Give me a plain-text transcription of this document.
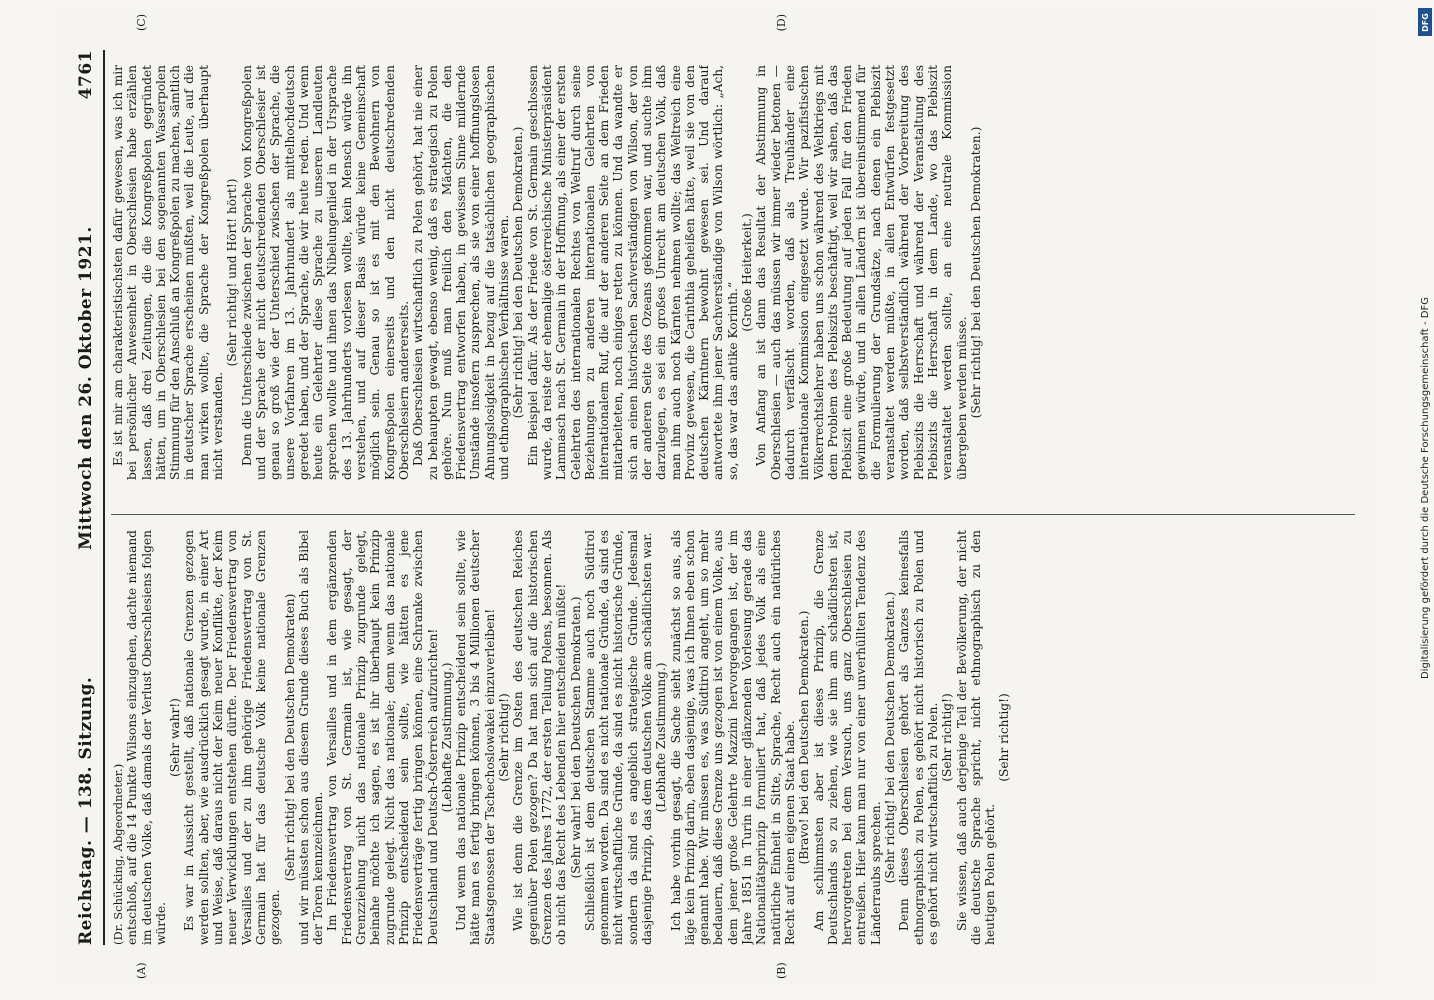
Reichstag. — 138. Sitzung.
Mittwoch den 26. Oktober 1921.
4761
(A)	(B)
(C)	(D)

(Dr. Schücking, Abgeordneter.) entschloß, auf die 14 Punkte Wilsons einzugehen, dachte niemand im deutschen Volke, daß damals der Verlust Oberschlesiens folgen würde.

(Sehr wahr!) Es war in Aussicht gestellt, daß nationale Grenzen gezogen werden sollten, aber, wie ausdrücklich gesagt wurde, in einer Art und Weise, daß daraus nicht der Keim neuer Konflikte, der Keim neuer Verwicklungen entstehen dürfte. Der Friedensvertrag von Versailles und der zu ihm gehörige Friedensvertrag von St. Germain hat für das deutsche Volk keine nationale Grenzen gezogen.

(Sehr richtig! bei den Deutschen Demokraten) und wir müssten schon aus diesem Grunde dieses Buch als Bibel der Toren kennzeichnen. Im Friedensvertrag von Versailles und in dem ergänzenden Friedensvertrag von St. Germain ist, wie gesagt, der Grenzziehung nicht das nationale Prinzip zugrunde gelegt, beinahe möchte ich sagen, es ist ihr überhaupt kein Prinzip zugrunde gelegt. Nicht das nationale; denn wenn das nationale Prinzip entscheidend sein sollte, wie hätten es jene Friedensverträge fertig bringen können, eine Schranke zwischen Deutschland und Deutsch-Österreich aufzurichten! (Lebhafte Zustimmung.) Und wenn das nationale Prinzip entscheidend sein sollte, wie hätte man es fertig bringen können, 3 bis 4 Millionen deutscher Staatsgenossen der Tschechoslowakei einzuverleiben! (Sehr richtig!) Wie ist denn die Grenze im Osten des deutschen Reiches gegenüber Polen gezogen? Da hat man sich auf die historischen Grenzen des Jahres 1772, der ersten Teilung Polens, besonnen. Als ob nicht das Recht des Lebenden hier entscheiden müßte! (Sehr wahr! bei den Deutschen Demokraten.) Schließlich ist dem deutschen Stamme auch noch Südtirol genommen worden. Da sind es nicht nationale Gründe, da sind es nicht wirtschaftliche Gründe, da sind es nicht historische Gründe, sondern da sind es angeblich strategische Gründe. Jedesmal dasjenige Prinzip, das dem deutschen Volke am schädlichsten war. (Lebhafte Zustimmung.) Ich habe vorhin gesagt, die Sache sieht zunächst so aus, als läge kein Prinzip darin, eben dasjenige, was ich Ihnen eben schon genannt habe. Wir müssen es, was Südtirol angeht, um so mehr bedauern, daß diese Grenze uns gezogen ist von einem Volke, aus dem jener große Gelehrte Mazzini hervorgegangen ist, der im Jahre 1851 in Turin in einer glänzenden Vorlesung gerade das Nationalitätsprinzip formuliert hat, daß jedes Volk als eine natürliche Einheit in Sitte, Sprache, Recht auch ein natürliches Recht auf einen eigenen Staat habe. (Bravo! bei den Deutschen Demokraten.) Am schlimmsten aber ist dieses Prinzip, die Grenze Deutschlands so zu ziehen, wie sie ihm am schädlichsten ist, hervorgetreten bei dem Versuch, uns ganz Oberschlesien zu entreißen. Hier kann man nur von einer unverhüllten Tendenz des Länderraubs sprechen. (Sehr richtig! bei den Deutschen Demokraten.) Denn dieses Oberschlesien gehört als Ganzes keinesfalls ethnographisch zu Polen, es gehört nicht historisch zu Polen und es gehört nicht wirtschaftlich zu Polen. (Sehr richtig!) Sie wissen, daß auch derjenige Teil der Bevölkerung, der nicht die deutsche Sprache spricht, nicht ethnographisch zu den heutigen Polen gehört.

(Sehr richtig!)

Es ist mir am charakteristischsten dafür gewesen, was ich mir bei persönlicher Anwesenheit in Oberschlesien habe erzählen lassen, daß drei Zeitungen, die die Kongreßpolen gegründet hätten, um in Oberschlesien bei den sogenannten Wasserpolen Stimmung für den Anschluß an Kongreßpolen zu machen, sämtlich in deutscher Sprache erscheinen mußten, weil die Leute, auf die man wirken wollte, die Sprache der Kongreßpolen überhaupt nicht verstanden.

(Sehr richtig! und Hört! hört!) Denn die Unterschiede zwischen der Sprache von Kongreßpolen und der Sprache der nicht deutschredenden Oberschlesier ist genau so groß wie der Unterschied zwischen der Sprache, die unsere Vorfahren im 13. Jahrhundert als mittelhochdeutsch geredet haben, und der Sprache, die wir heute reden. Und wenn heute ein Gelehrter diese Sprache zu unseren Landleuten sprechen wollte und ihnen das Nibelungenlied in der Ursprache des 13. Jahrhunderts vorlesen wollte, kein Mensch würde ihn verstehen, und auf dieser Basis würde keine Gemeinschaft möglich sein. Genau so ist es mit den Bewohnern von Kongreßpolen einerseits und den nicht deutschredenden Oberschlesiern andererseits. Daß Oberschlesien wirtschaftlich zu Polen gehört, hat nie einer zu behaupten gewagt, ebenso wenig, daß es strategisch zu Polen gehöre. Nun muß man freilich den Mächten, die den Friedensvertrag entworfen haben, in gewissem Sinne mildernde Umstände insofern zusprechen, als sie von einer hoffnungslosen Ahnungslosigkeit in bezug auf die tatsächlichen geographischen und ethnographischen Verhältnisse waren. (Sehr richtig! bei den Deutschen Demokraten.) Ein Beispiel dafür. Als der Friede von St. Germain geschlossen wurde, da reiste der ehemalige österreichische Ministerpräsident Lammasch nach St. Germain in der Hoffnung, als einer der ersten Gelehrten des internationalen Rechtes von Weltruf durch seine Beziehungen zu anderen internationalen Gelehrten von internationalem Ruf, die auf der anderen Seite an dem Frieden mitarbeiteten, noch einiges retten zu können. Und da wandte er sich an einen historischen Sachverständigen von Wilson, der von der anderen Seite des Ozeans gekommen war, und suchte ihm darzulegen, es sei ein großes Unrecht am deutschen Volk, daß man ihm auch noch Kärnten nehmen wollte; das Weltreich eine Provinz gewesen, die Carinthia geheißen hätte, weil sie von den deutschen Kärntnern bewohnt gewesen sei. Und darauf antwortete ihm jener Sachverständige von Wilson wörtlich: „Ach, so, das war das antike Korinth.“

(Große Heiterkeit.) Von Anfang an ist dann das Resultat der Abstimmung in Oberschlesien — auch das müssen wir immer wieder betonen — dadurch verfälscht worden, daß als Treuhänder eine internationale Kommission eingesetzt wurde. Wir pazifistischen Völkerrechtslehrer haben uns schon während des Weltkriegs mit dem Problem des Plebiszits beschäftigt, weil wir sahen, daß das Plebiszit eine große Bedeutung auf jeden Fall für den Frieden gewinnen würde, und in allen Ländern ist übereinstimmend für die Formulierung der Grundsätze, nach denen ein Plebiszit veranstaltet werden müßte, in allen Entwürfen festgesetzt worden, daß selbstverständlich während der Vorbereitung des Plebiszits die Herrschaft und während der Veranstaltung des Plebiszits die Herrschaft in dem Lande, wo das Plebiszit veranstaltet werden sollte, an eine neutrale Kommission übergeben werden müsse. (Sehr richtig! bei den Deutschen Demokraten.)

DFG
Digitalisierung gefördert durch die Deutsche Forschungsgemeinschaft - DFG
